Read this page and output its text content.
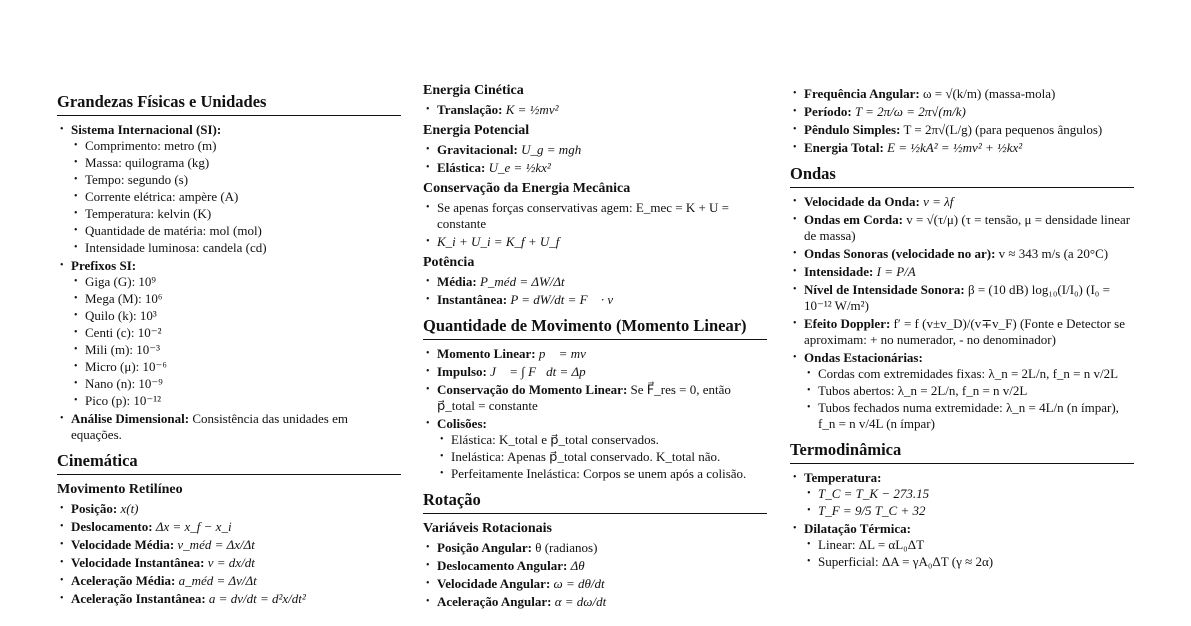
Grandezas Físicas e Unidades
• Sistema Internacional (SI):
• Comprimento: metro (m)
• Massa: quilograma (kg)
• Tempo: segundo (s)
• Corrente elétrica: ampère (A)
• Temperatura: kelvin (K)
• Quantidade de matéria: mol (mol)
• Intensidade luminosa: candela (cd)
• Prefixos SI:
• Giga (G): 10⁹
• Mega (M): 10⁶
• Quilo (k): 10³
• Centi (c): 10⁻²
• Mili (m): 10⁻³
• Micro (μ): 10⁻⁶
• Nano (n): 10⁻⁹
• Pico (p): 10⁻¹²
• Análise Dimensional: Consistência das unidades em equações.
Cinemática
Movimento Retilíneo
• Posição: x(t)
• Deslocamento: Δx = x_f − x_i
• Velocidade Média: v_méd = Δx/Δt
• Velocidade Instantânea: v = dx/dt
• Aceleração Média: a_méd = Δv/Δt
• Aceleração Instantânea: a = dv/dt = d²x/dt²
Energia Cinética
• Translação: K = ½mv²
Energia Potencial
• Gravitacional: U_g = mgh
• Elástica: U_e = ½kx²
Conservação da Energia Mecânica
• Se apenas forças conservativas agem: E_mec = K + U = constante
• K_i + U_i = K_f + U_f
Potência
• Média: P_méd = ΔW/Δt
• Instantânea: P = dW/dt = F⃗ · v⃗
Quantidade de Movimento (Momento Linear)
• Momento Linear: p⃗ = mv⃗
• Impulso: J⃗ = ∫ F⃗dt = Δp⃗
• Conservação do Momento Linear: Se F⃗_res = 0, então p⃗_total = constante
• Colisões:
• Elástica: K_total e p⃗_total conservados.
• Inelástica: Apenas p⃗_total conservado. K_total não.
• Perfeitamente Inelástica: Corpos se unem após a colisão.
Rotação
Variáveis Rotacionais
• Posição Angular: θ (radianos)
• Deslocamento Angular: Δθ
• Velocidade Angular: ω = dθ/dt
• Aceleração Angular: α = dω/dt
• Frequência Angular: ω = √(k/m) (massa-mola)
• Período: T = 2π/ω = 2π√(m/k)
• Pêndulo Simples: T = 2π√(L/g) (para pequenos ângulos)
• Energia Total: E = ½kA² = ½mv² + ½kx²
Ondas
• Velocidade da Onda: v = λf
• Ondas em Corda: v = √(τ/μ) (τ = tensão, μ = densidade linear de massa)
• Ondas Sonoras (velocidade no ar): v ≈ 343 m/s (a 20°C)
• Intensidade: I = P/A
• Nível de Intensidade Sonora: β = (10 dB) log₁₀(I/I₀) (I₀ = 10⁻¹² W/m²)
• Efeito Doppler: f′ = f (v±v_D)/(v∓v_F) (Fonte e Detector se aproximam: + no numerador, - no denominador)
• Ondas Estacionárias:
• Cordas com extremidades fixas: λ_n = 2L/n, f_n = n v/2L
• Tubos abertos: λ_n = 2L/n, f_n = n v/2L
• Tubos fechados numa extremidade: λ_n = 4L/n (n ímpar), f_n = n v/4L (n ímpar)
Termodinâmica
• Temperatura:
• T_C = T_K − 273.15
• T_F = 9/5 T_C + 32
• Dilatação Térmica:
• Linear: ΔL = αL₀ΔT
• Superficial: ΔA = γA₀ΔT (γ ≈ 2α)
